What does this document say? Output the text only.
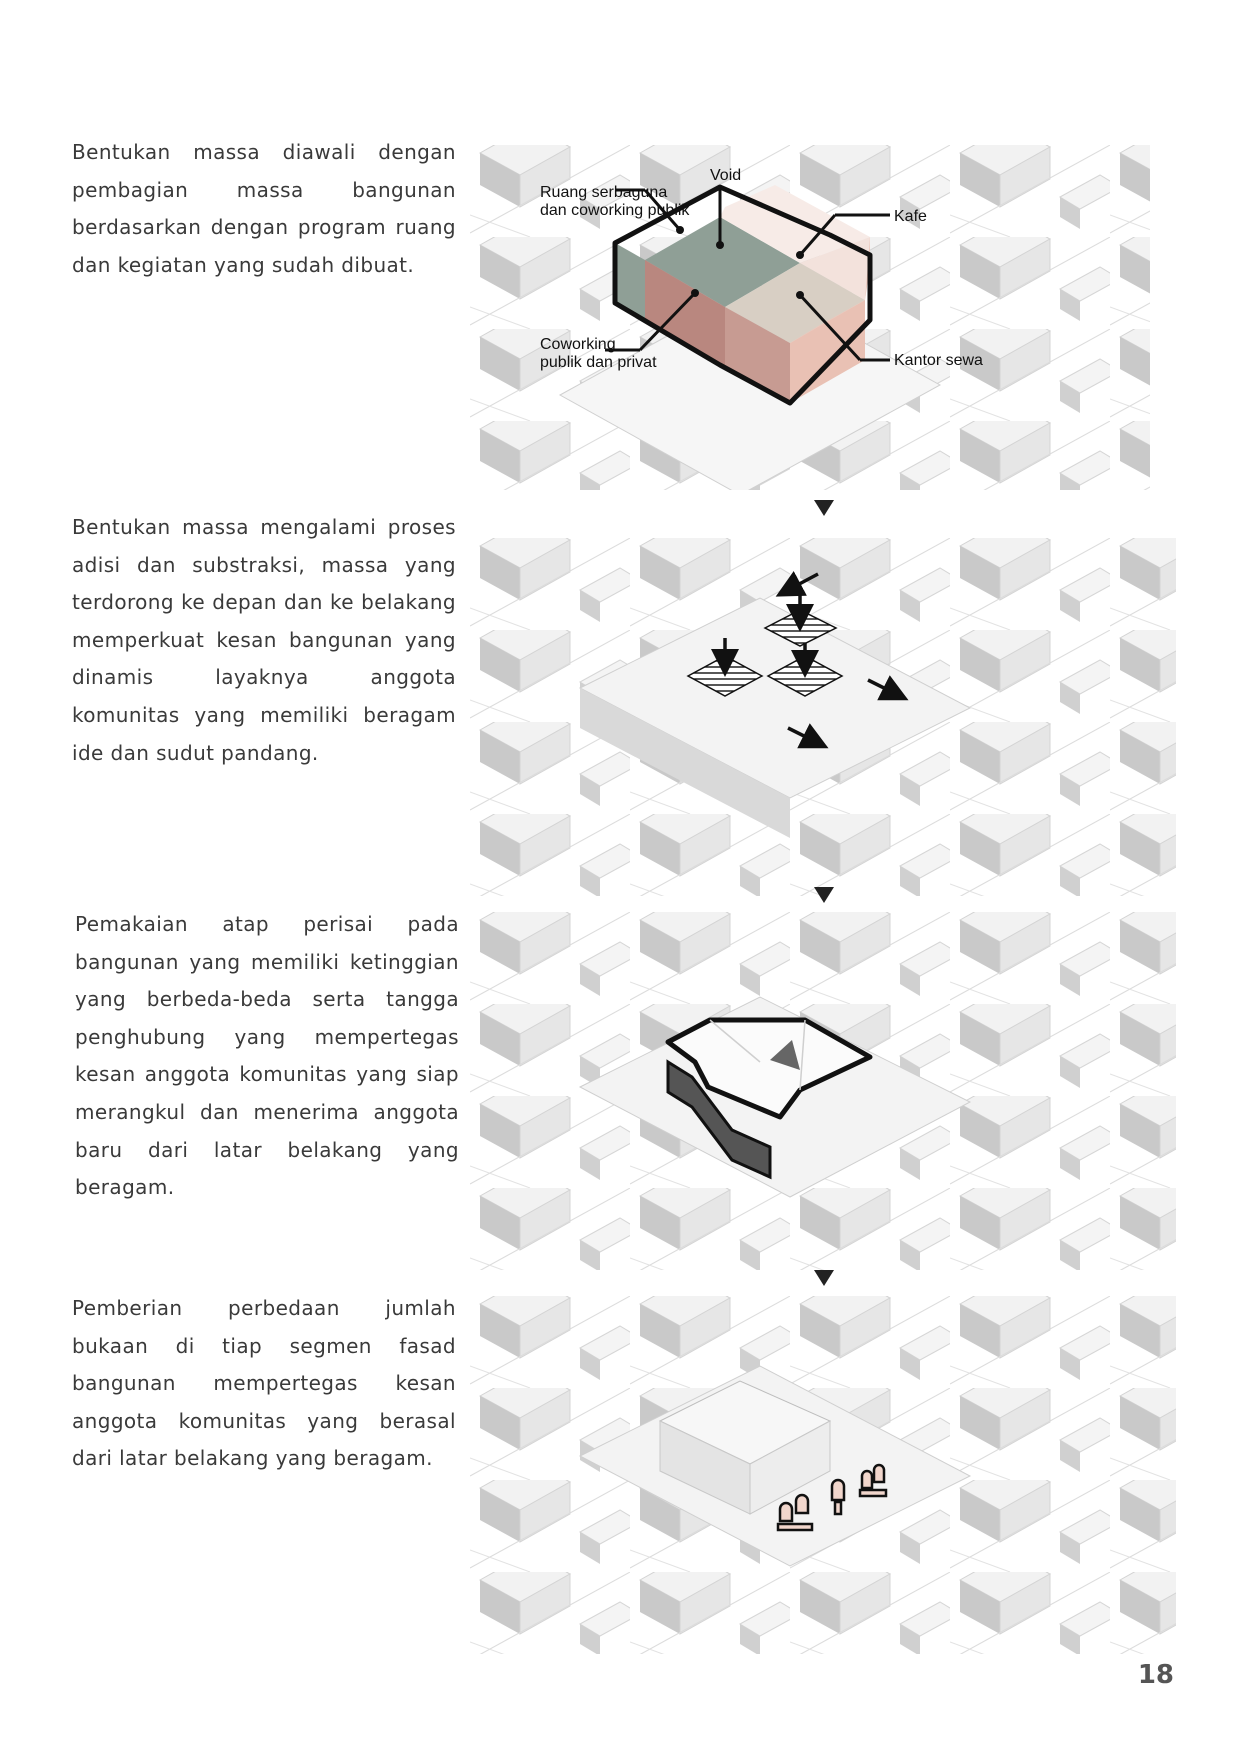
Bentukan massa diawali dengan pembagian massa bangunan berdasarkan dengan program ruang dan kegiatan yang sudah dibuat.

Bentukan massa mengalami proses adisi dan substraksi, massa yang terdorong ke depan dan ke belakang memperkuat kesan bangunan yang dinamis layaknya anggota komunitas yang memiliki beragam ide dan sudut pandang.

Pemakaian atap perisai pada bangunan yang memiliki ketinggian yang berbeda-beda serta tangga penghubung yang mempertegas kesan anggota komunitas yang siap merangkul dan menerima anggota baru dari latar belakang yang beragam.

Pemberian perbedaan jumlah bukaan di tiap segmen fasad bangunan mempertegas kesan anggota komunitas yang berasal dari latar belakang yang beragam.

Void
Ruang serbaguna
dan coworking publik	Kafe
Coworking
publik dan privat	Kantor sewa
18
